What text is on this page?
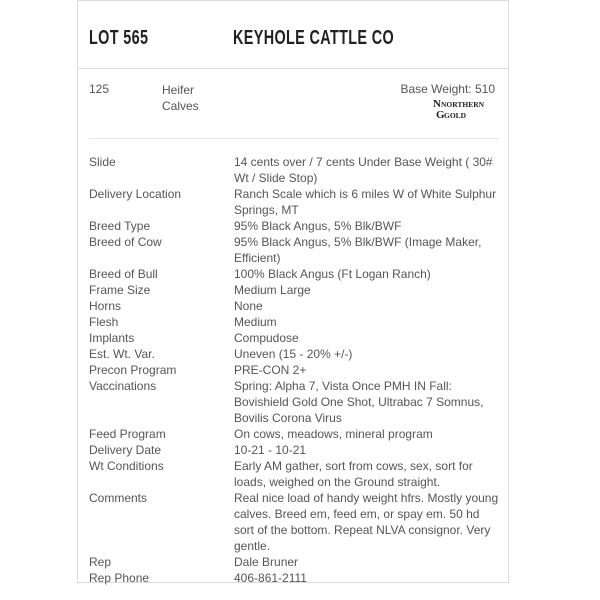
LOT 565	KEYHOLE CATTLE CO
125	Heifer Calves
Base Weight: 510
N NORTHERN
G GOLD
Slide	14 cents over / 7 cents Under Base Weight ( 30# Wt / Slide Stop)
Delivery Location	Ranch Scale which is 6 miles W of White Sulphur Springs, MT
Breed Type	95% Black Angus, 5% Blk/BWF
Breed of Cow	95% Black Angus, 5% Blk/BWF (Image Maker, Efficient)
Breed of Bull	100% Black Angus (Ft Logan Ranch)
Frame Size	Medium Large
Horns	None
Flesh	Medium
Implants	Compudose
Est. Wt. Var.	Uneven (15 - 20% +/-)
Precon Program	PRE-CON 2+
Vaccinations	Spring: Alpha 7, Vista Once PMH IN Fall: Bovishield Gold One Shot, Ultrabac 7 Somnus, Bovilis Corona Virus
Feed Program	On cows, meadows, mineral program
Delivery Date	10-21 - 10-21
Wt Conditions	Early AM gather, sort from cows, sex, sort for loads, weighed on the Ground straight.
Comments	Real nice load of handy weight hfrs. Mostly young calves. Breed em, feed em, or spay em. 50 hd sort of the bottom. Repeat NLVA consignor. Very gentle.
Rep	Dale Bruner
Rep Phone	406-861-2111
